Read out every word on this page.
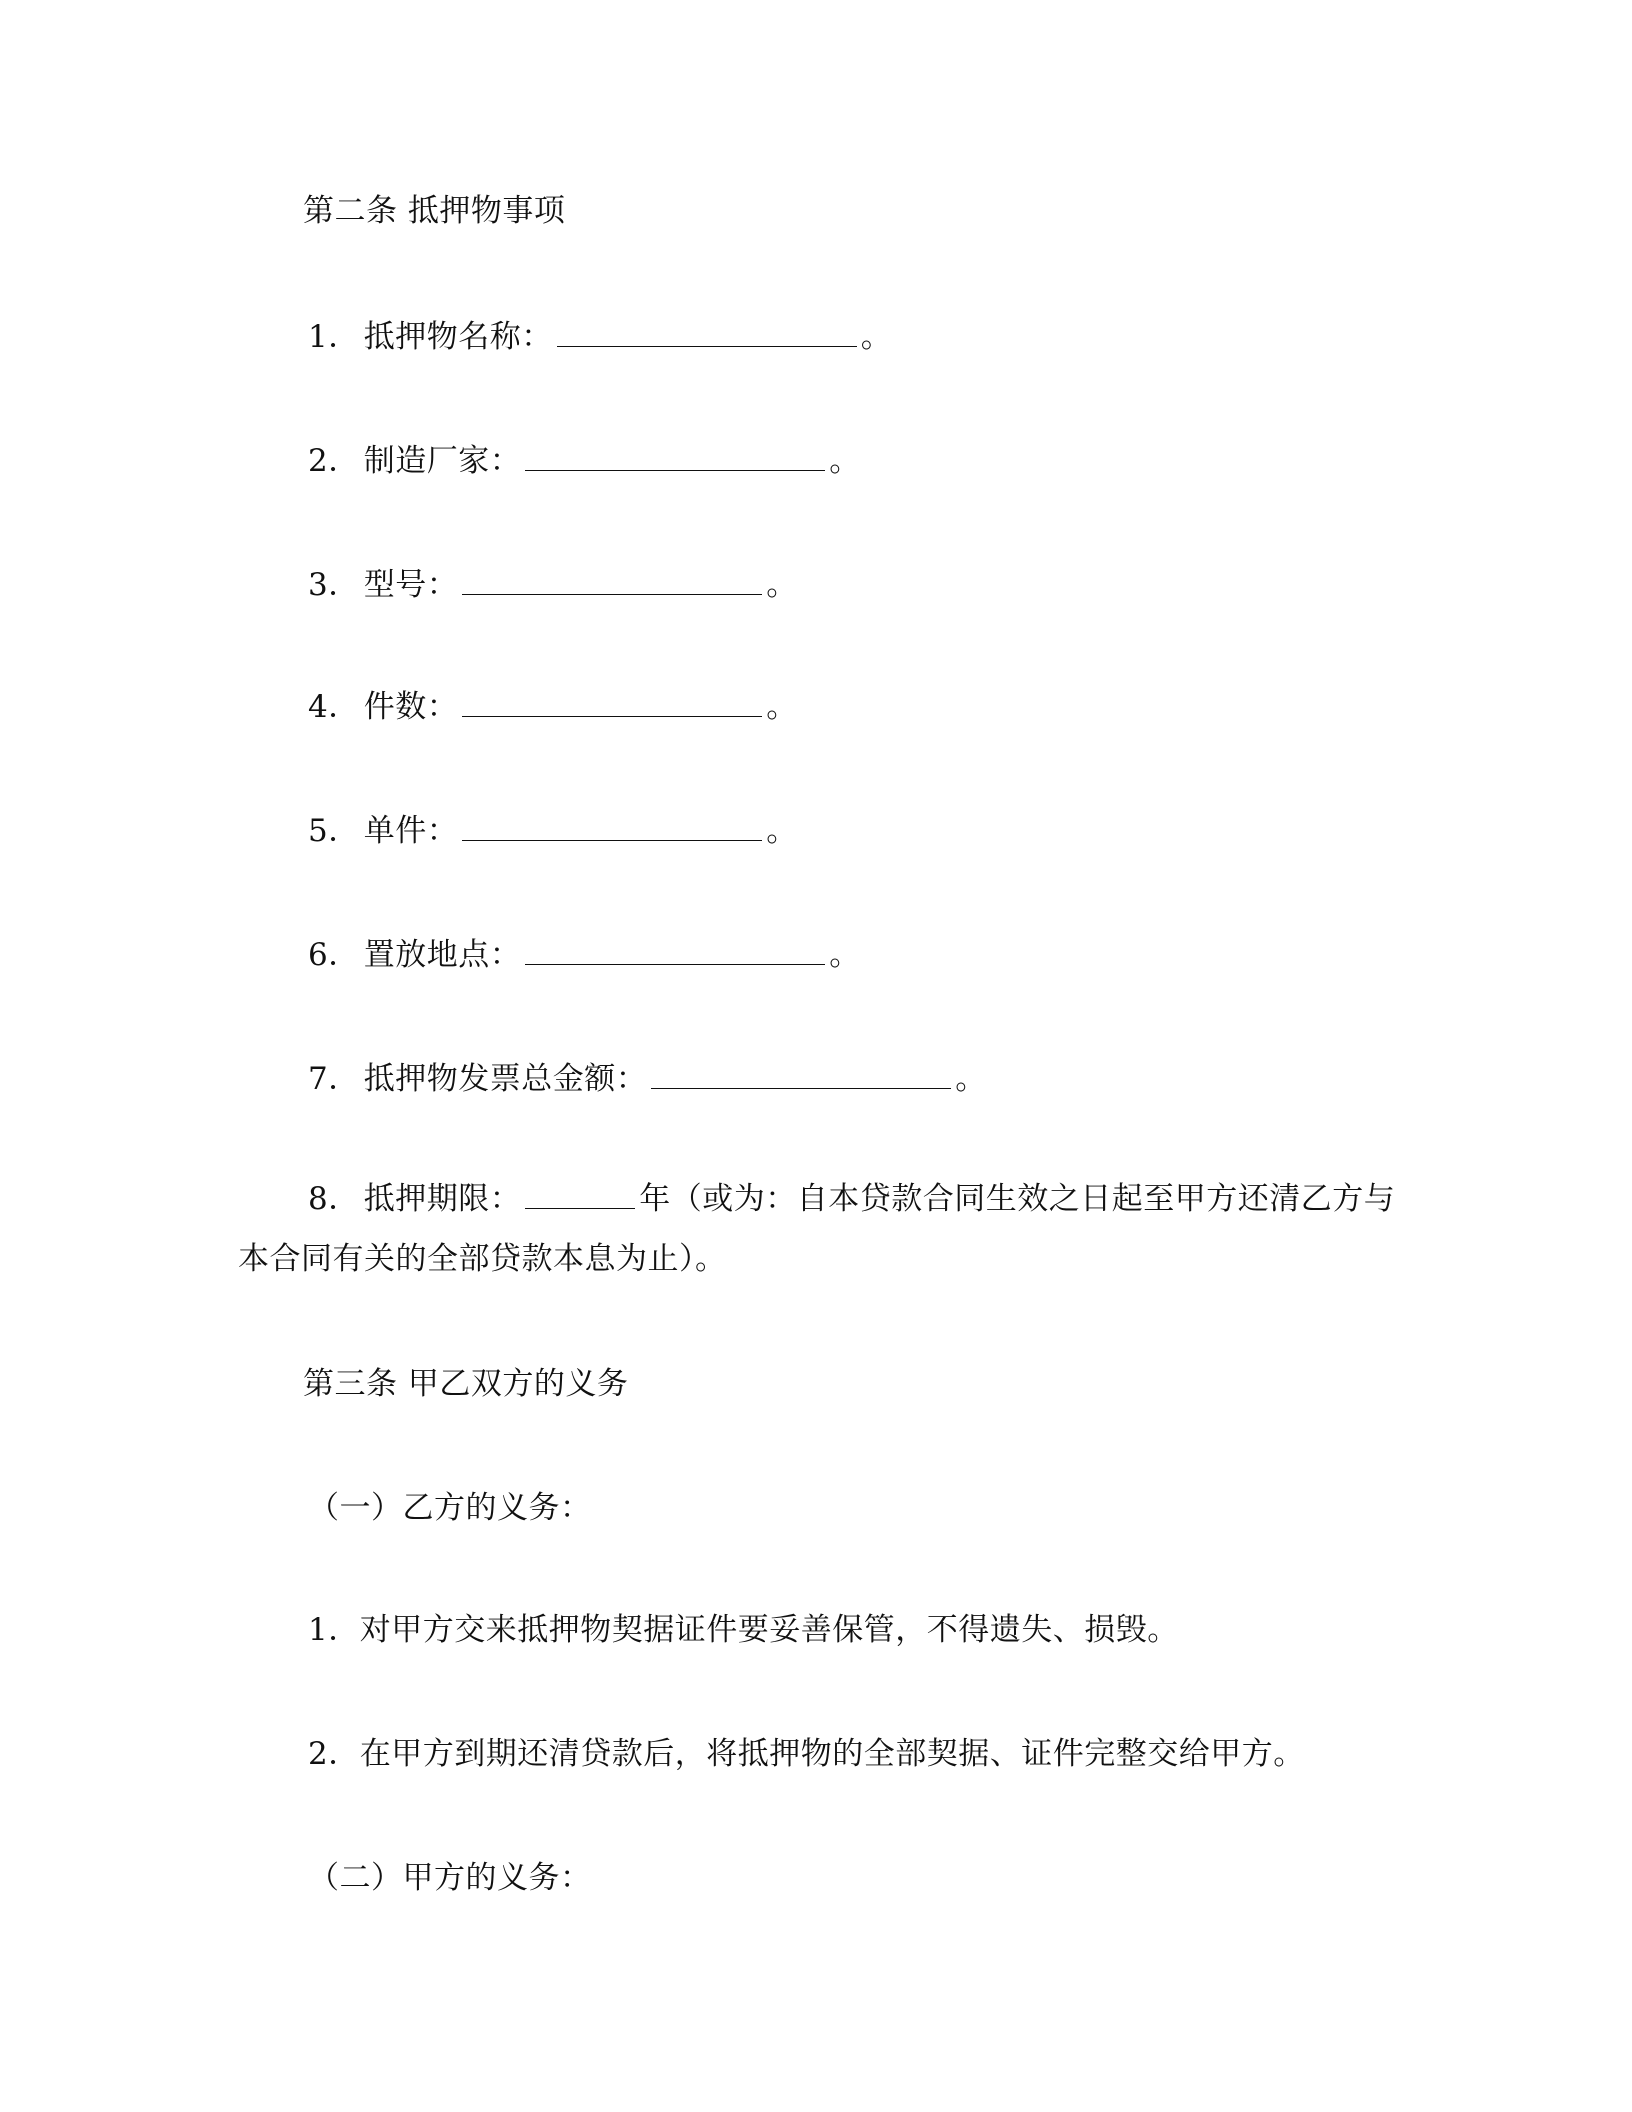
第二条 抵押物事项
1． 抵押物名称：	。
2． 制造厂家：	。
3． 型号：	。
4． 件数：	。
5． 单件：	。
6． 置放地点：	。
7． 抵押物发票总金额：	。
8． 抵押期限：	年（或为：自本贷款合同生效之日起至甲方还清乙方与
本合同有关的全部贷款本息为止）。
第三条 甲乙双方的义务
（一）乙方的义务：
1．对甲方交来抵押物契据证件要妥善保管，不得遗失、损毁。
2．在甲方到期还清贷款后，将抵押物的全部契据、证件完整交给甲方。
（二）甲方的义务：
